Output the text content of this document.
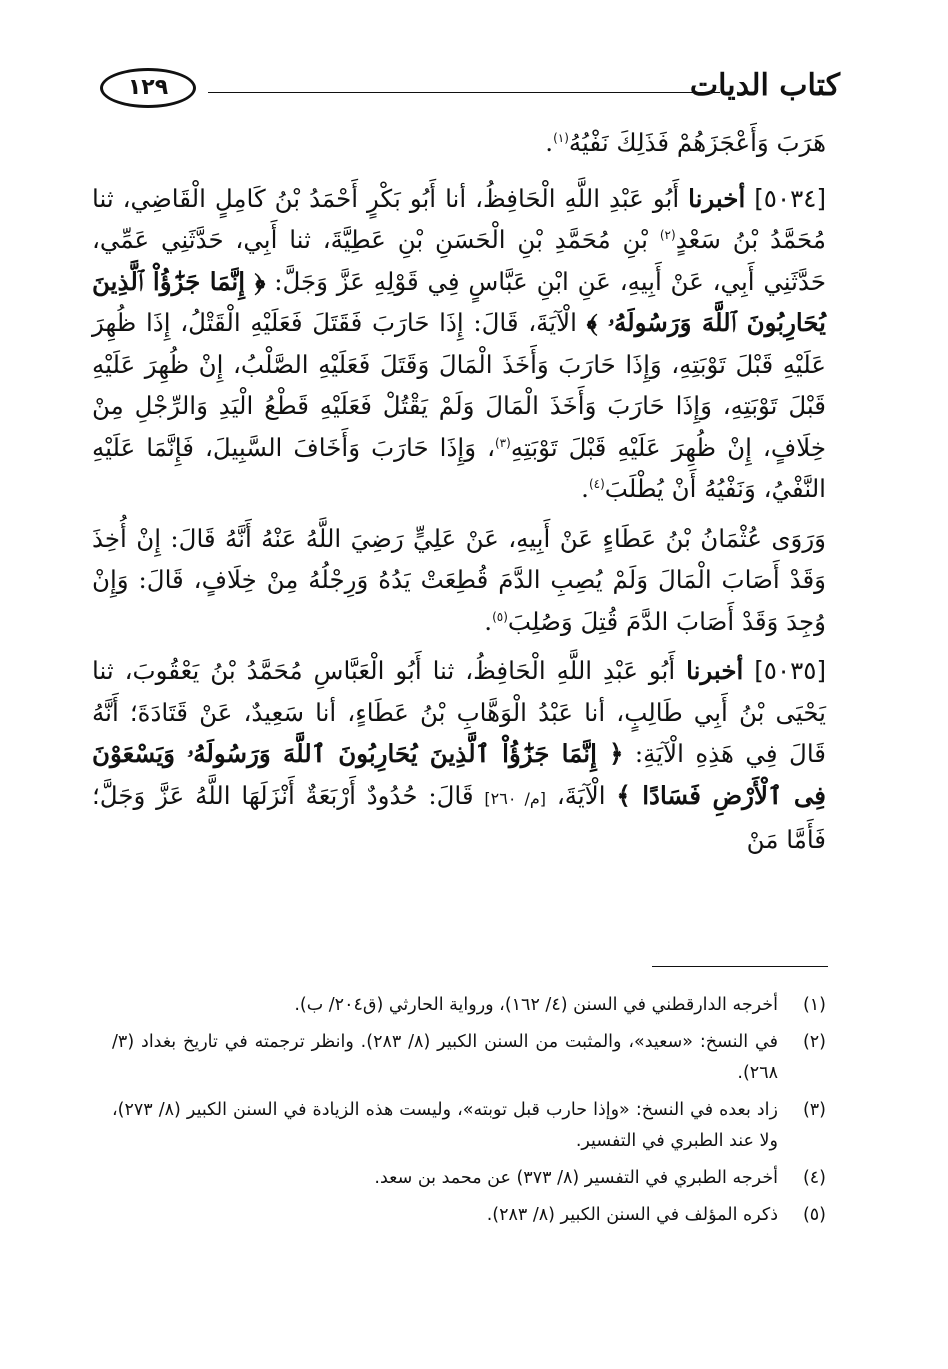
كتاب الديات
١٢٩

هَرَبَ وَأَعْجَزَهُمْ فَذَلِكَ نَفْيُهُ$^{(١)}$.

[٥٠٣٤] أخبرنا أَبُو عَبْدِ اللَّهِ الْحَافِظُ، أنا أَبُو بَكْرٍ أَحْمَدُ بْنُ كَامِلٍ الْقَاضِي، ثنا مُحَمَّدُ بْنُ سَعْدٍ$^{(٢)}$ بْنِ مُحَمَّدِ بْنِ الْحَسَنِ بْنِ عَطِيَّةَ، ثنا أَبِي، حَدَّثَنِي عَمِّي، حَدَّثَنِي أَبِي، عَنْ أَبِيهِ، عَنِ ابْنِ عَبَّاسٍ فِي قَوْلِهِ عَزَّ وَجَلَّ: ﴿ إِنَّمَا جَزَٰٓؤُاْ ٱلَّذِينَ يُحَارِبُونَ ٱللَّهَ وَرَسُولَهُۥ ﴾ الْآيَةَ، قَالَ: إِذَا حَارَبَ فَقَتَلَ فَعَلَيْهِ الْقَتْلُ، إِذَا ظُهِرَ عَلَيْهِ قَبْلَ تَوْبَتِهِ، وَإِذَا حَارَبَ وَأَخَذَ الْمَالَ وَقَتَلَ فَعَلَيْهِ الصَّلْبُ، إِنْ ظُهِرَ عَلَيْهِ قَبْلَ تَوْبَتِهِ، وَإِذَا حَارَبَ وَأَخَذَ الْمَالَ وَلَمْ يَقْتُلْ فَعَلَيْهِ قَطْعُ الْيَدِ وَالرِّجْلِ مِنْ خِلَافٍ، إِنْ ظُهِرَ عَلَيْهِ قَبْلَ تَوْبَتِهِ$^{(٣)}$، وَإِذَا حَارَبَ وَأَخَافَ السَّبِيلَ، فَإِنَّمَا عَلَيْهِ النَّفْيُ، وَنَفْيُهُ أَنْ يُطْلَبَ$^{(٤)}$.

وَرَوَى عُثْمَانُ بْنُ عَطَاءٍ عَنْ أَبِيهِ، عَنْ عَلِيٍّ رَضِيَ اللَّهُ عَنْهُ أَنَّهُ قَالَ: إِنْ أُخِذَ وَقَدْ أَصَابَ الْمَالَ وَلَمْ يُصِبِ الدَّمَ قُطِعَتْ يَدُهُ وَرِجْلُهُ مِنْ خِلَافٍ، قَالَ: وَإِنْ وُجِدَ وَقَدْ أَصَابَ الدَّمَ قُتِلَ وَصُلِبَ$^{(٥)}$.

[٥٠٣٥] أخبرنا أَبُو عَبْدِ اللَّهِ الْحَافِظُ، ثنا أَبُو الْعَبَّاسِ مُحَمَّدُ بْنُ يَعْقُوبَ، ثنا يَحْيَى بْنُ أَبِي طَالِبٍ، أنا عَبْدُ الْوَهَّابِ بْنُ عَطَاءٍ، أنا سَعِيدٌ، عَنْ قَتَادَةَ؛ أَنَّهُ قَالَ فِي هَذِهِ الْآيَةِ: ﴿ إِنَّمَا جَزَٰٓؤُاْ ٱلَّذِينَ يُحَارِبُونَ ٱللَّهَ وَرَسُولَهُۥ وَيَسْعَوْنَ فِى ٱلْأَرْضِ فَسَادًا ﴾ الْآيَةَ، [م/ ٢٦٠] قَالَ: حُدُودٌ أَرْبَعَةٌ أَنْزَلَهَا اللَّهُ عَزَّ وَجَلَّ؛ فَأَمَّا مَنْ

(١)
أخرجه الدارقطني في السنن (٤/ ١٦٢)، ورواية الحارثي (ق٢٠٤/ ب).
(٢)
في النسخ: «سعيد»، والمثبت من السنن الكبير (٨/ ٢٨٣). وانظر ترجمته في تاريخ بغداد (٣/ ٢٦٨).
(٣)
زاد بعده في النسخ: «وإذا حارب قبل توبته»، وليست هذه الزيادة في السنن الكبير (٨/ ٢٧٣)، ولا عند الطبري في التفسير.
(٤)
أخرجه الطبري في التفسير (٨/ ٣٧٣) عن محمد بن سعد.
(٥)
ذكره المؤلف في السنن الكبير (٨/ ٢٨٣).
